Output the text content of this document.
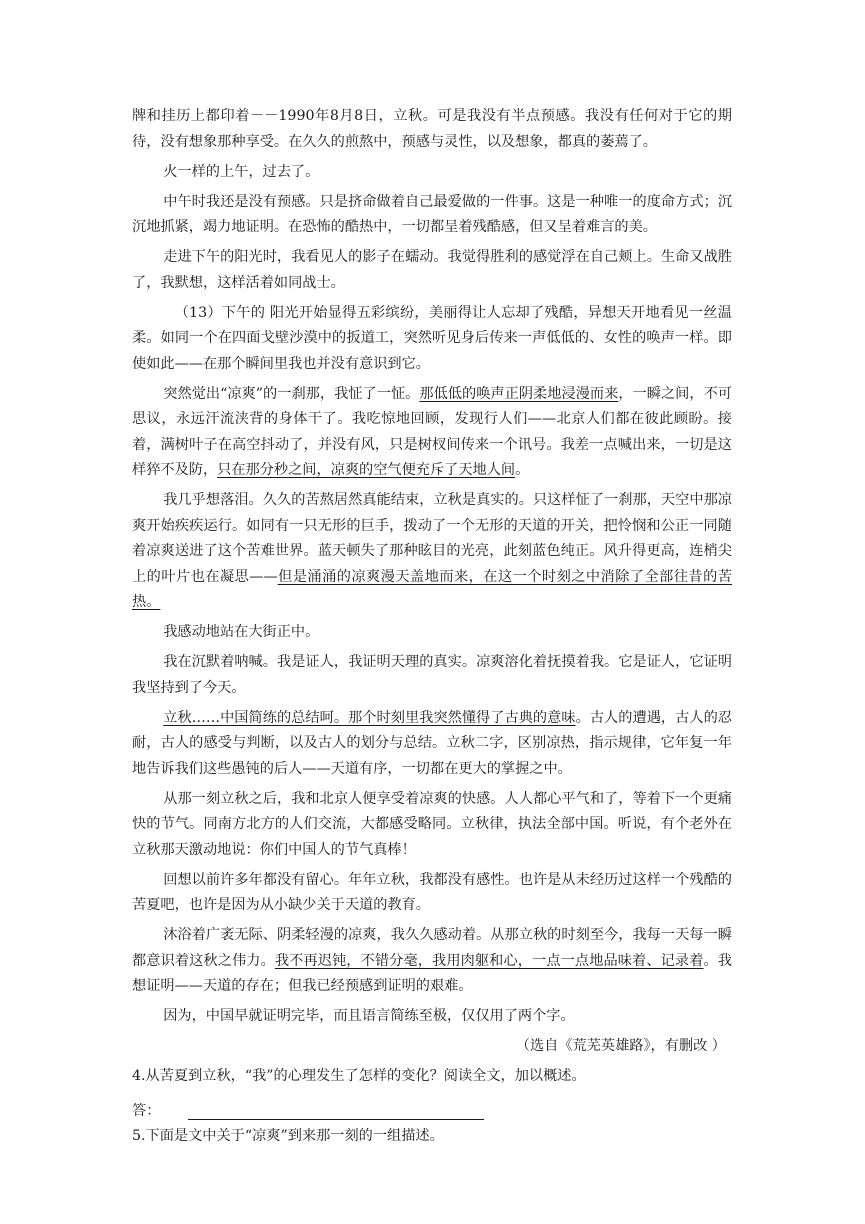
牌和挂历上都印着－－1990年8月8日，立秋。可是我没有半点预感。我没有任何对于它的期待，没有想象那种享受。在久久的煎熬中，预感与灵性，以及想象，都真的萎蔫了。

火一样的上午，过去了。

中午时我还是没有预感。只是挤命做着自己最爱做的一件事。这是一种唯一的度命方式；沉沉地抓紧，竭力地证明。在恐怖的酷热中，一切都呈着残酷感，但又呈着难言的美。

走进下午的阳光时，我看见人的影子在蠕动。我觉得胜利的感觉浮在自己颊上。生命又战胜了，我默想，这样活着如同战士。

（13）下午的 阳光开始显得五彩缤纷，美丽得让人忘却了残酷，异想天开地看见一丝温柔。如同一个在四面戈壁沙漠中的扳道工，突然听见身后传来一声低低的、女性的唤声一样。即使如此——在那个瞬间里我也并没有意识到它。

突然觉出“凉爽”的一刹那，我怔了一怔。那低低的唤声正阴柔地浸漫而来，一瞬之间，不可思议，永远汗流浃背的身体干了。我吃惊地回顾，发现行人们——北京人们都在彼此顾盼。接着，满树叶子在高空抖动了，并没有风，只是树杈间传来一个讯号。我差一点喊出来，一切是这样猝不及防，只在那分秒之间，凉爽的空气便充斥了天地人间。

我几乎想落泪。久久的苦熬居然真能结束，立秋是真实的。只这样怔了一刹那，天空中那凉爽开始疾疾运行。如同有一只无形的巨手，拨动了一个无形的天道的开关，把怜悯和公正一同随着凉爽送进了这个苦难世界。蓝天顿失了那种眩目的光亮，此刻蓝色纯正。风升得更高，连梢尖上的叶片也在凝思——但是涌涌的凉爽漫天盖地而来，在这一个时刻之中消除了全部往昔的苦热。

我感动地站在大街正中。

我在沉默着呐喊。我是证人，我证明天理的真实。凉爽溶化着抚摸着我。它是证人，它证明我坚持到了今天。

立秋……中国简练的总结呵。那个时刻里我突然懂得了古典的意味。古人的遭遇，古人的忍耐，古人的感受与判断，以及古人的划分与总结。立秋二字，区别凉热，指示规律，它年复一年地告诉我们这些愚钝的后人——天道有序，一切都在更大的掌握之中。

从那一刻立秋之后，我和北京人便享受着凉爽的快感。人人都心平气和了，等着下一个更痛快的节气。同南方北方的人们交流，大都感受略同。立秋律，执法全部中国。听说，有个老外在立秋那天激动地说：你们中国人的节气真棒！

回想以前许多年都没有留心。年年立秋，我都没有感性。也许是从未经历过这样一个残酷的苦夏吧，也许是因为从小缺少关于天道的教育。

沐浴着广袤无际、阴柔轻漫的凉爽，我久久感动着。从那立秋的时刻至今，我每一天每一瞬都意识着这秋之伟力。我不再迟钝，不错分毫，我用肉躯和心，一点一点地品味着、记录着。我想证明——天道的存在；但我已经预感到证明的艰难。

因为，中国早就证明完毕，而且语言简练至极，仅仅用了两个字。

（选自《荒芜英雄路》，有删改 ）

4.从苦夏到立秋，“我”的心理发生了怎样的变化？阅读全文，加以概述。

答：

5.下面是文中关于“凉爽”到来那一刻的一组描述。
